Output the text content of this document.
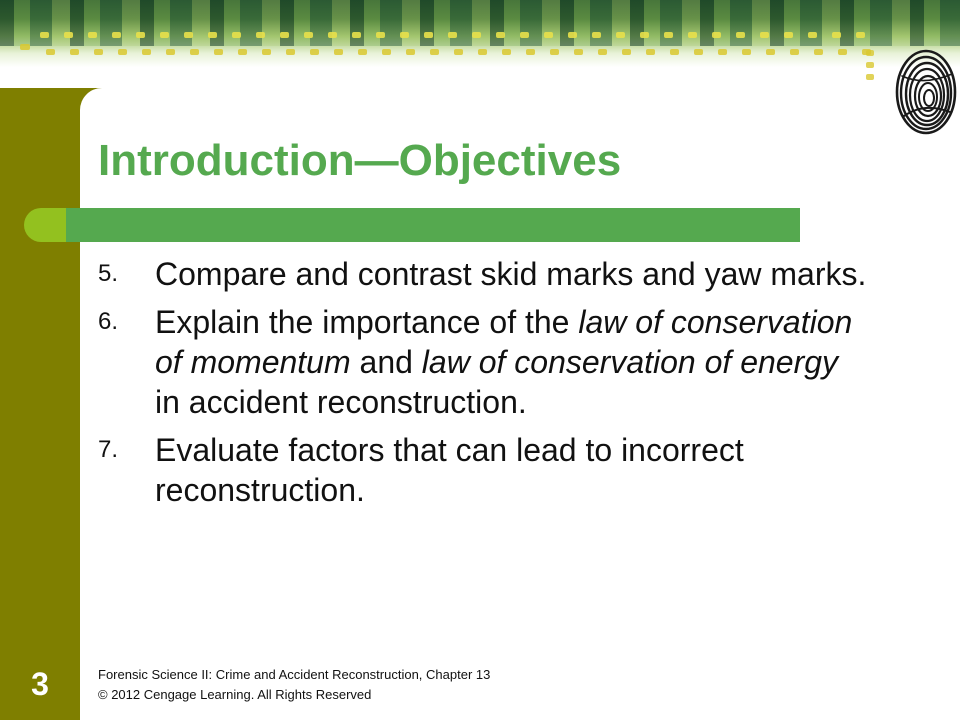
Introduction—Objectives
5.	Compare and contrast skid marks and yaw marks.
6.	Explain the importance of the law of conservation of momentum and law of conservation of energy in accident reconstruction.
7.	Evaluate factors that can lead to incorrect reconstruction.
3	Forensic Science II: Crime and Accident Reconstruction, Chapter 13
© 2012 Cengage Learning. All Rights Reserved
